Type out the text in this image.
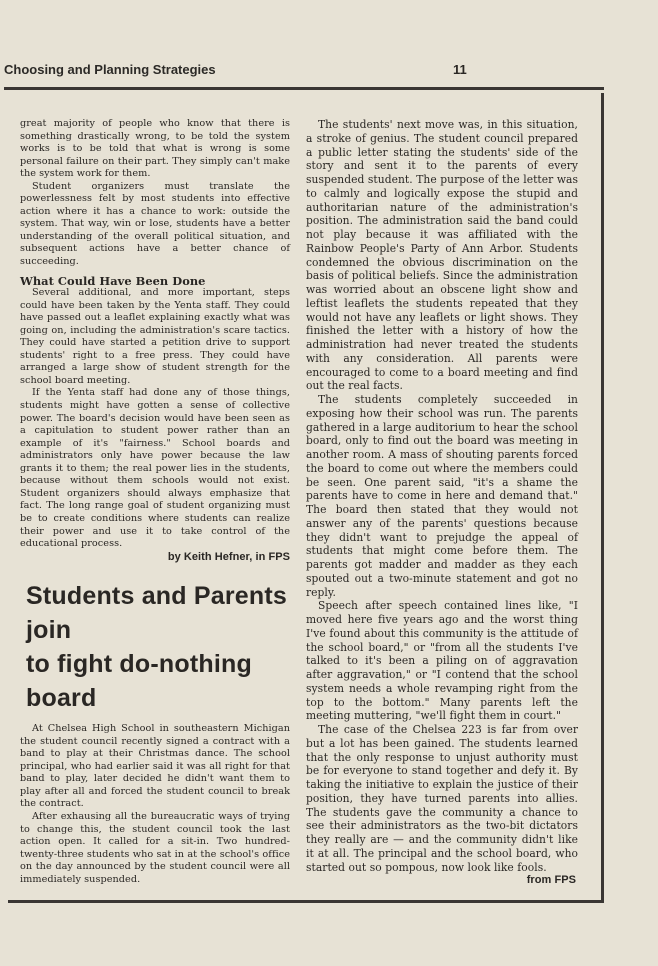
Choosing and Planning Strategies	11

great majority of people who know that there is something drastically wrong, to be told the system works is to be told that what is wrong is some personal failure on their part. They simply can't make the system work for them.

Student organizers must translate the powerlessness felt by most students into effective action where it has a chance to work: outside the system. That way, win or lose, students have a better understanding of the overall political situation, and subsequent actions have a better chance of succeeding.

What Could Have Been Done

Several additional, and more important, steps could have been taken by the Yenta staff. They could have passed out a leaflet explaining exactly what was going on, including the administration's scare tactics. They could have started a petition drive to support students' right to a free press. They could have arranged a large show of student strength for the school board meeting.

If the Yenta staff had done any of those things, students might have gotten a sense of collective power. The board's decision would have been seen as a capitulation to student power rather than an example of it's "fairness." School boards and administrators only have power because the law grants it to them; the real power lies in the students, because without them schools would not exist. Student organizers should always emphasize that fact. The long range goal of student organizing must be to create conditions where students can realize their power and use it to take control of the educational process.

by Keith Hefner, in FPS

Students and Parents join
to fight do-nothing board

At Chelsea High School in southeastern Michigan the student council recently signed a contract with a band to play at their Christmas dance. The school principal, who had earlier said it was all right for that band to play, later decided he didn't want them to play after all and forced the student council to break the contract.

After exhausing all the bureaucratic ways of trying to change this, the student council took the last action open. It called for a sit-in. Two hundred-twenty-three students who sat in at the school's office on the day announced by the student council were all immediately suspended.

The students' next move was, in this situation, a stroke of genius. The student council prepared a public letter stating the students' side of the story and sent it to the parents of every suspended student. The purpose of the letter was to calmly and logically expose the stupid and authoritarian nature of the administration's position. The administration said the band could not play because it was affiliated with the Rainbow People's Party of Ann Arbor. Students condemned the obvious discrimination on the basis of political beliefs. Since the administration was worried about an obscene light show and leftist leaflets the students repeated that they would not have any leaflets or light shows. They finished the letter with a history of how the administration had never treated the students with any consideration. All parents were encouraged to come to a board meeting and find out the real facts.

The students completely succeeded in exposing how their school was run. The parents gathered in a large auditorium to hear the school board, only to find out the board was meeting in another room. A mass of shouting parents forced the board to come out where the members could be seen. One parent said, "it's a shame the parents have to come in here and demand that." The board then stated that they would not answer any of the parents' questions because they didn't want to prejudge the appeal of students that might come before them. The parents got madder and madder as they each spouted out a two-minute statement and got no reply.

Speech after speech contained lines like, "I moved here five years ago and the worst thing I've found about this community is the attitude of the school board," or "from all the students I've talked to it's been a piling on of aggravation after aggravation," or "I contend that the school system needs a whole revamping right from the top to the bottom." Many parents left the meeting muttering, "we'll fight them in court."

The case of the Chelsea 223 is far from over but a lot has been gained. The students learned that the only response to unjust authority must be for everyone to stand together and defy it. By taking the initiative to explain the justice of their position, they have turned parents into allies. The students gave the community a chance to see their administrators as the two-bit dictators they really are — and the community didn't like it at all. The principal and the school board, who started out so pompous, now look like fools.

from FPS
